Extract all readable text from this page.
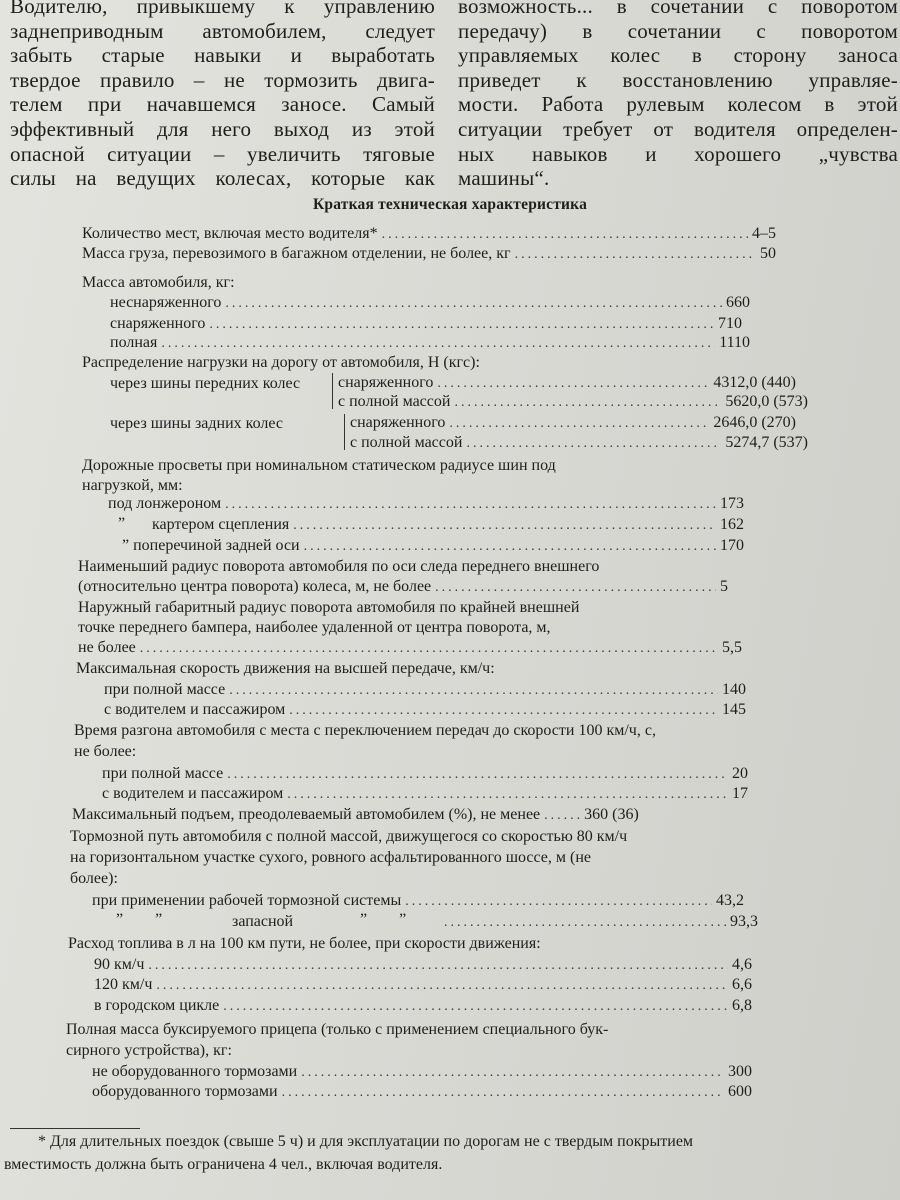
Водителю, привыкшему к управлению
заднеприводным автомобилем, следует
забыть старые навыки и выработать
твердое правило – не тормозить двига-
телем при начавшемся заносе. Самый
эффективный для него выход из этой
опасной ситуации – увеличить тяговые
силы на ведущих колесах, которые как
возможность... в сочетании с поворотом
передачу) в сочетании с поворотом
управляемых колес в сторону заноса
приведет к восстановлению управляе-
мости. Работа рулевым колесом в этой
ситуации требует от водителя определен-
ных навыков и хорошего „чувства
машины“.
Краткая техническая характеристика
Количество мест, включая место водителя* .....	4–5
Масса груза, перевозимого в багажном отделении, не более, кг .....	50
Масса автомобиля, кг:
неснаряженного .....	660
снаряженного .....	710
полная .....	1110
Распределение нагрузки на дорогу от автомобиля, Н (кгс):
через шины передних колес снаряженного .....	4312,0 (440)
с полной массой .....	5620,0 (573)
через шины задних колес	снаряженного .....	2646,0 (270)
с полной массой .....	5274,7 (537)
Дорожные просветы при номинальном статическом радиусе шин под
нагрузкой, мм:
под лонжероном .....	173
” картером сцепления .....	162
” поперечиной задней оси .....	170
Наименьший радиус поворота автомобиля по оси следа переднего внешнего
(относительно центра поворота) колеса, м, не более .....	5
Наружный габаритный радиус поворота автомобиля по крайней внешней
точке переднего бампера, наиболее удаленной от центра поворота, м,
не более .....	5,5
Максимальная скорость движения на высшей передаче, км/ч:
при полной массе .....	140
с водителем и пассажиром .....	145
Время разгона автомобиля с места с переключением передач до скорости 100 км/ч, с,
не более:
при полной массе .....	20
с водителем и пассажиром .....	17
Максимальный подъем, преодолеваемый автомобилем (%), не менее .....	360 (36)
Тормозной путь автомобиля с полной массой, движущегося со скоростью 80 км/ч
на горизонтальном участке сухого, ровного асфальтированного шоссе, м (не
более):
при применении рабочей тормозной системы .....	43,2
”        ”	запасной	”        ” .....	93,3
Расход топлива в л на 100 км пути, не более, при скорости движения:
90 км/ч .....	4,6
120 км/ч .....	6,6
в городском цикле .....	6,8
Полная масса буксируемого прицепа (только с применением специального бук-
сирного устройства), кг:
не оборудованного тормозами .....	300
оборудованного тормозами .....	600
* Для длительных поездок (свыше 5 ч) и для эксплуатации по дорогам не с твердым покрытием
вместимость должна быть ограничена 4 чел., включая водителя.
